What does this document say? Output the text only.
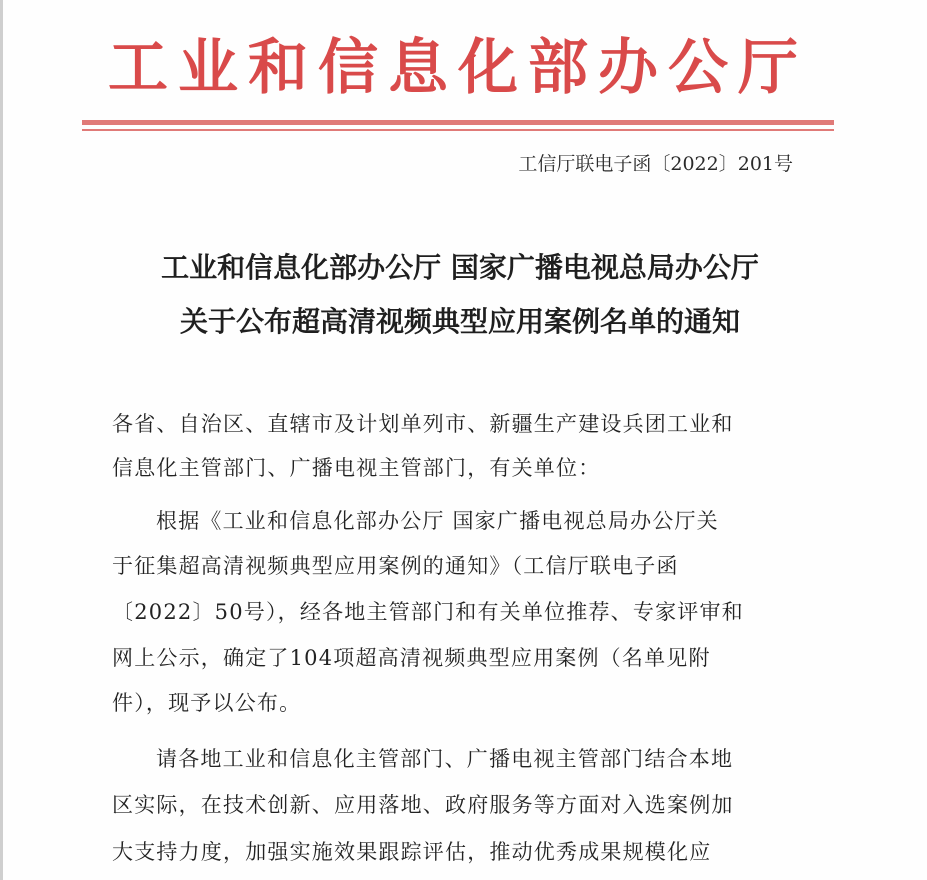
工业和信息化部办公厅
工信厅联电子函〔2022〕201号
工业和信息化部办公厅 国家广播电视总局办公厅
关于公布超高清视频典型应用案例名单的通知
各省、自治区、直辖市及计划单列市、新疆生产建设兵团工业和
信息化主管部门、广播电视主管部门，有关单位：
根据《工业和信息化部办公厅 国家广播电视总局办公厅关
于征集超高清视频典型应用案例的通知》（工信厅联电子函
〔2022〕50号），经各地主管部门和有关单位推荐、专家评审和
网上公示，确定了104项超高清视频典型应用案例（名单见附
件），现予以公布。
请各地工业和信息化主管部门、广播电视主管部门结合本地
区实际，在技术创新、应用落地、政府服务等方面对入选案例加
大支持力度，加强实施效果跟踪评估，推动优秀成果规模化应
